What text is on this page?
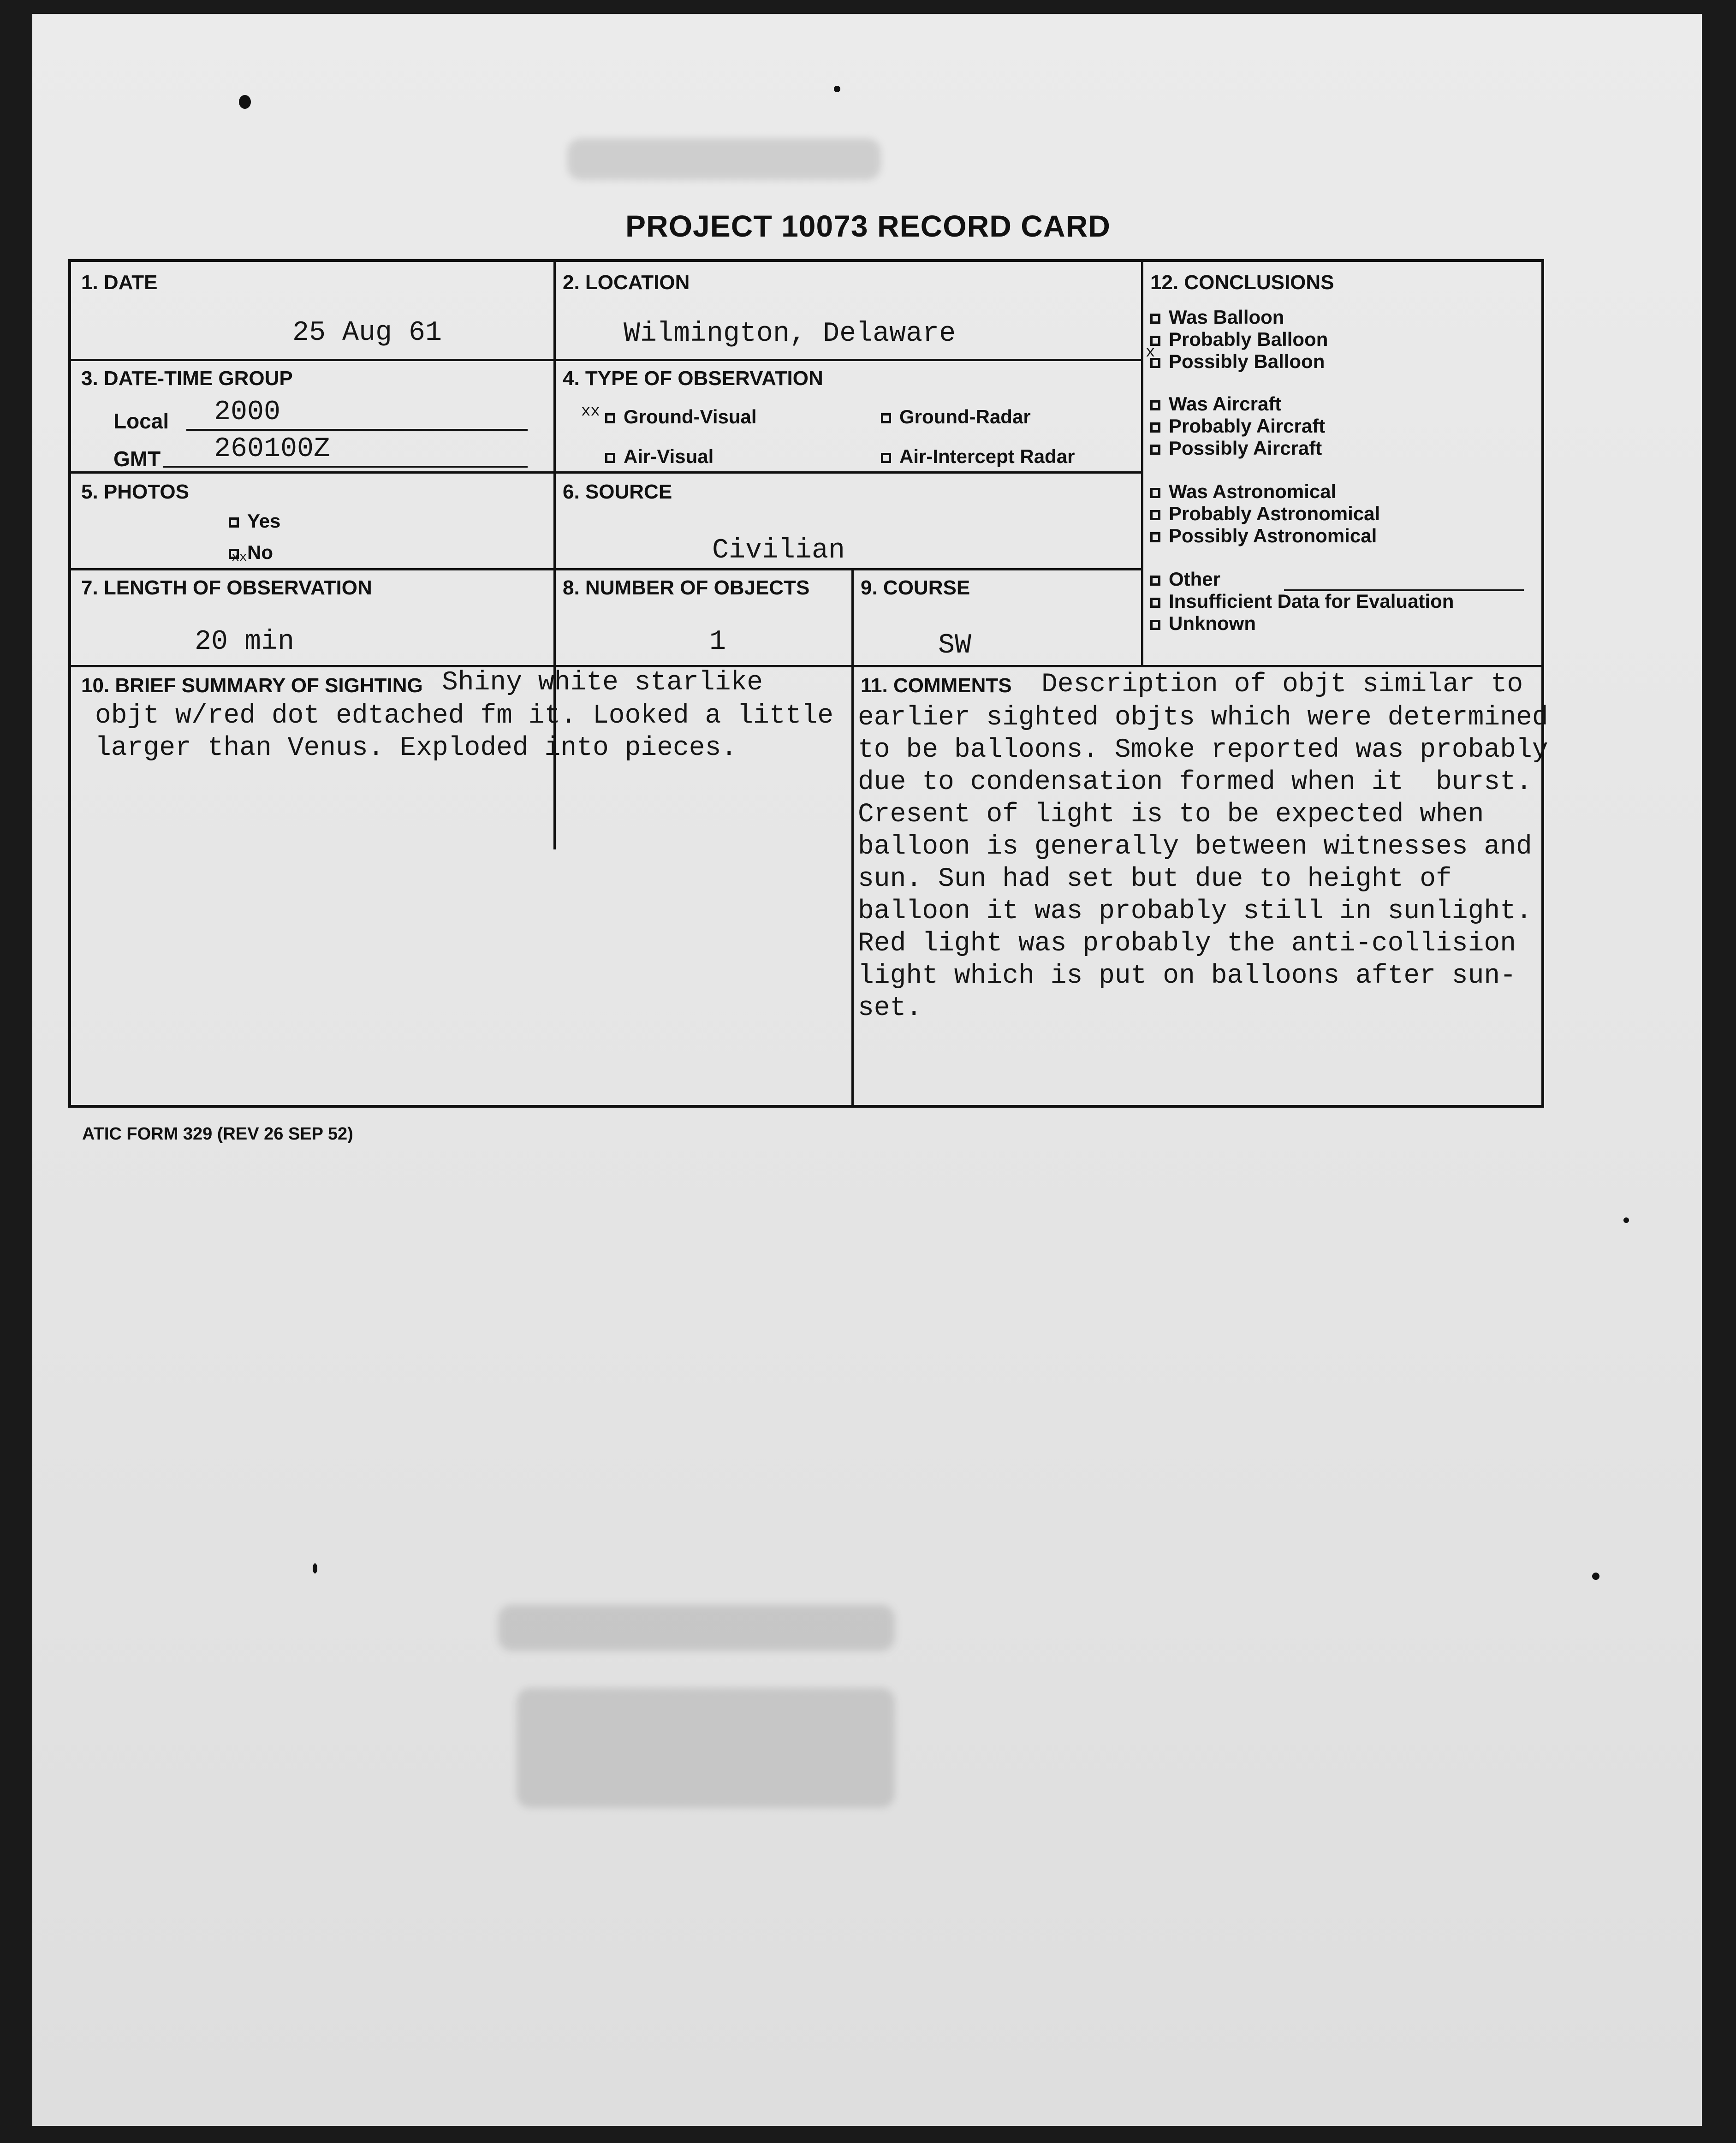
PROJECT 10073 RECORD CARD
1. DATE
25 Aug 61
2. LOCATION
Wilmington, Delaware
3. DATE-TIME GROUP
Local 2000
GMT 260100Z
4. TYPE OF OBSERVATION
xx	Ground-Visual	Ground-Radar
Air-Visual	Air-Intercept Radar
5. PHOTOS
Yes
No
xx
6. SOURCE
Civilian
7. LENGTH OF OBSERVATION
20 min
8. NUMBER OF OBJECTS
1
9. COURSE
SW
12. CONCLUSIONS
Was Balloon
Probably Balloon
Possibly Balloon
x
Was Aircraft
Probably Aircraft
Possibly Aircraft
Was Astronomical
Probably Astronomical
Possibly Astronomical
Other
Insufficient Data for Evaluation
Unknown
10. BRIEF SUMMARY OF SIGHTING Shiny white starlike
objt w/red dot edtached fm it. Looked a little
larger than Venus. Exploded into pieces.
11. COMMENTS Description of objt similar to
earlier sighted objts which were determined
to be balloons. Smoke reported was probably
due to condensation formed when it  burst.
Cresent of light is to be expected when
balloon is generally between witnesses and
sun. Sun had set but due to height of
balloon it was probably still in sunlight.
Red light was probably the anti-collision
light which is put on balloons after sun-
set.
ATIC FORM 329 (REV 26 SEP 52)
